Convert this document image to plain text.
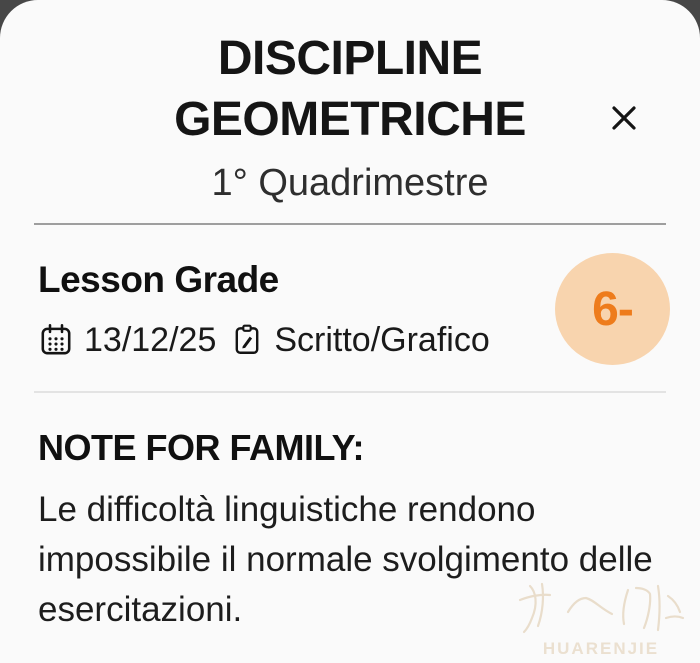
DISCIPLINE GEOMETRICHE
1° Quadrimestre
Lesson Grade
13/12/25 Scritto/Grafico
6-
NOTE FOR FAMILY:

Le difficoltà linguistiche rendono impossibile il normale svolgimento delle esercitazioni.

HUARENJIE
